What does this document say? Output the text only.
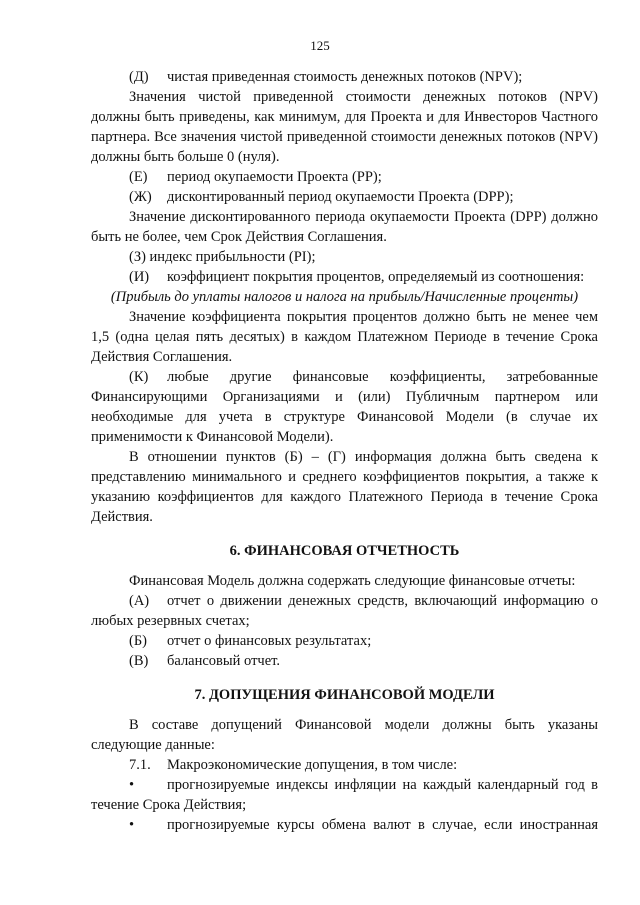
125

(Д) чистая приведенная стоимость денежных потоков (NPV);

Значения чистой приведенной стоимости денежных потоков (NPV) должны быть приведены, как минимум, для Проекта и для Инвесторов Частного партнера. Все значения чистой приведенной стоимости денежных потоков (NPV) должны быть больше 0 (нуля).

(Е) период окупаемости Проекта (PP);

(Ж) дисконтированный период окупаемости Проекта (DPP);

Значение дисконтированного периода окупаемости Проекта (DPP) должно быть не более, чем Срок Действия Соглашения.

(З) индекс прибыльности (PI);

(И) коэффициент покрытия процентов, определяемый из соотношения:

(Прибыль до уплаты налогов и налога на прибыль/Начисленные проценты)

Значение коэффициента покрытия процентов должно быть не менее чем 1,5 (одна целая пять десятых) в каждом Платежном Периоде в течение Срока Действия Соглашения.

(К) любые другие финансовые коэффициенты, затребованные Финансирующими Организациями и (или) Публичным партнером или необходимые для учета в структуре Финансовой Модели (в случае их применимости к Финансовой Модели).

В отношении пунктов (Б) – (Г) информация должна быть сведена к представлению минимального и среднего коэффициентов покрытия, а также к указанию коэффициентов для каждого Платежного Периода в течение Срока Действия.

6. ФИНАНСОВАЯ ОТЧЕТНОСТЬ

Финансовая Модель должна содержать следующие финансовые отчеты:

(А) отчет о движении денежных средств, включающий информацию о любых резервных счетах;

(Б) отчет о финансовых результатах;

(В) балансовый отчет.

7. ДОПУЩЕНИЯ ФИНАНСОВОЙ МОДЕЛИ

В составе допущений Финансовой модели должны быть указаны следующие данные:

7.1. Макроэкономические допущения, в том числе:

• прогнозируемые индексы инфляции на каждый календарный год в течение Срока Действия;

• прогнозируемые курсы обмена валют в случае, если иностранная
